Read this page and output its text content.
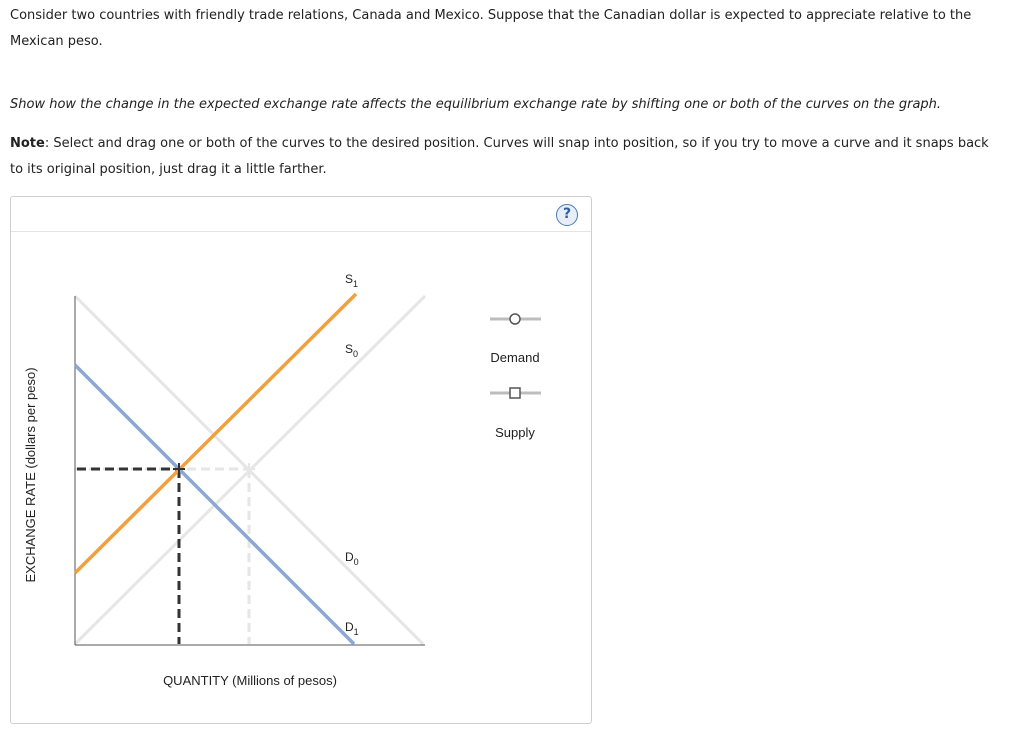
Consider two countries with friendly trade relations, Canada and Mexico. Suppose that the Canadian dollar is expected to appreciate relative to the Mexican peso.

Show how the change in the expected exchange rate affects the equilibrium exchange rate by shifting one or both of the curves on the graph.

Note: Select and drag one or both of the curves to the desired position. Curves will snap into position, so if you try to move a curve and it snaps back to its original position, just drag it a little farther.

?
$S_1$
$S_0$
$D_0$
$D_1$
EXCHANGE RATE (dollars per peso)
QUANTITY (Millions of pesos)
Demand
Supply
